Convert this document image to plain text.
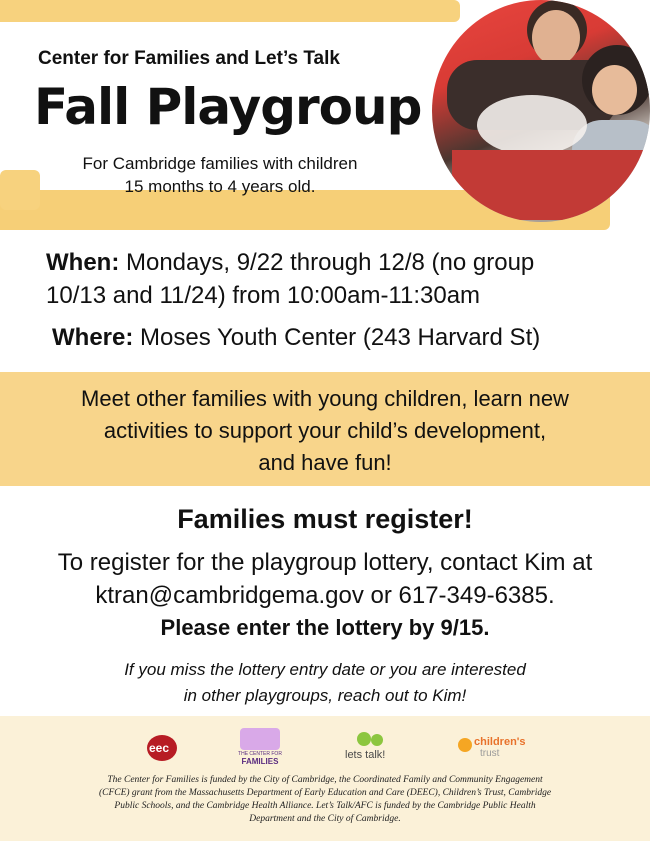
Center for Families and Let’s Talk
Fall Playgroup
For Cambridge families with children
15 months to 4 years old.
When: Mondays, 9/22 through 12/8 (no group
10/13 and 11/24) from 10:00am-11:30am
Where: Moses Youth Center (243 Harvard St)
Meet other families with young children, learn new
activities to support your child’s development,
and have fun!
Families must register!
To register for the playgroup lottery, contact Kim at
ktran@cambridgema.gov or 617-349-6385.
Please enter the lottery by 9/15.
If you miss the lottery entry date or you are interested
in other playgroups, reach out to Kim!
eec	THE CENTER FOR
FAMILIES
lets talk!
children's
trust
The Center for Families is funded by the City of Cambridge, the Coordinated Family and Community Engagement
(CFCE) grant from the Massachusetts Department of Early Education and Care (DEEC), Children’s Trust, Cambridge
Public Schools, and the Cambridge Health Alliance. Let’s Talk/AFC is funded by the Cambridge Public Health
Department and the City of Cambridge.
